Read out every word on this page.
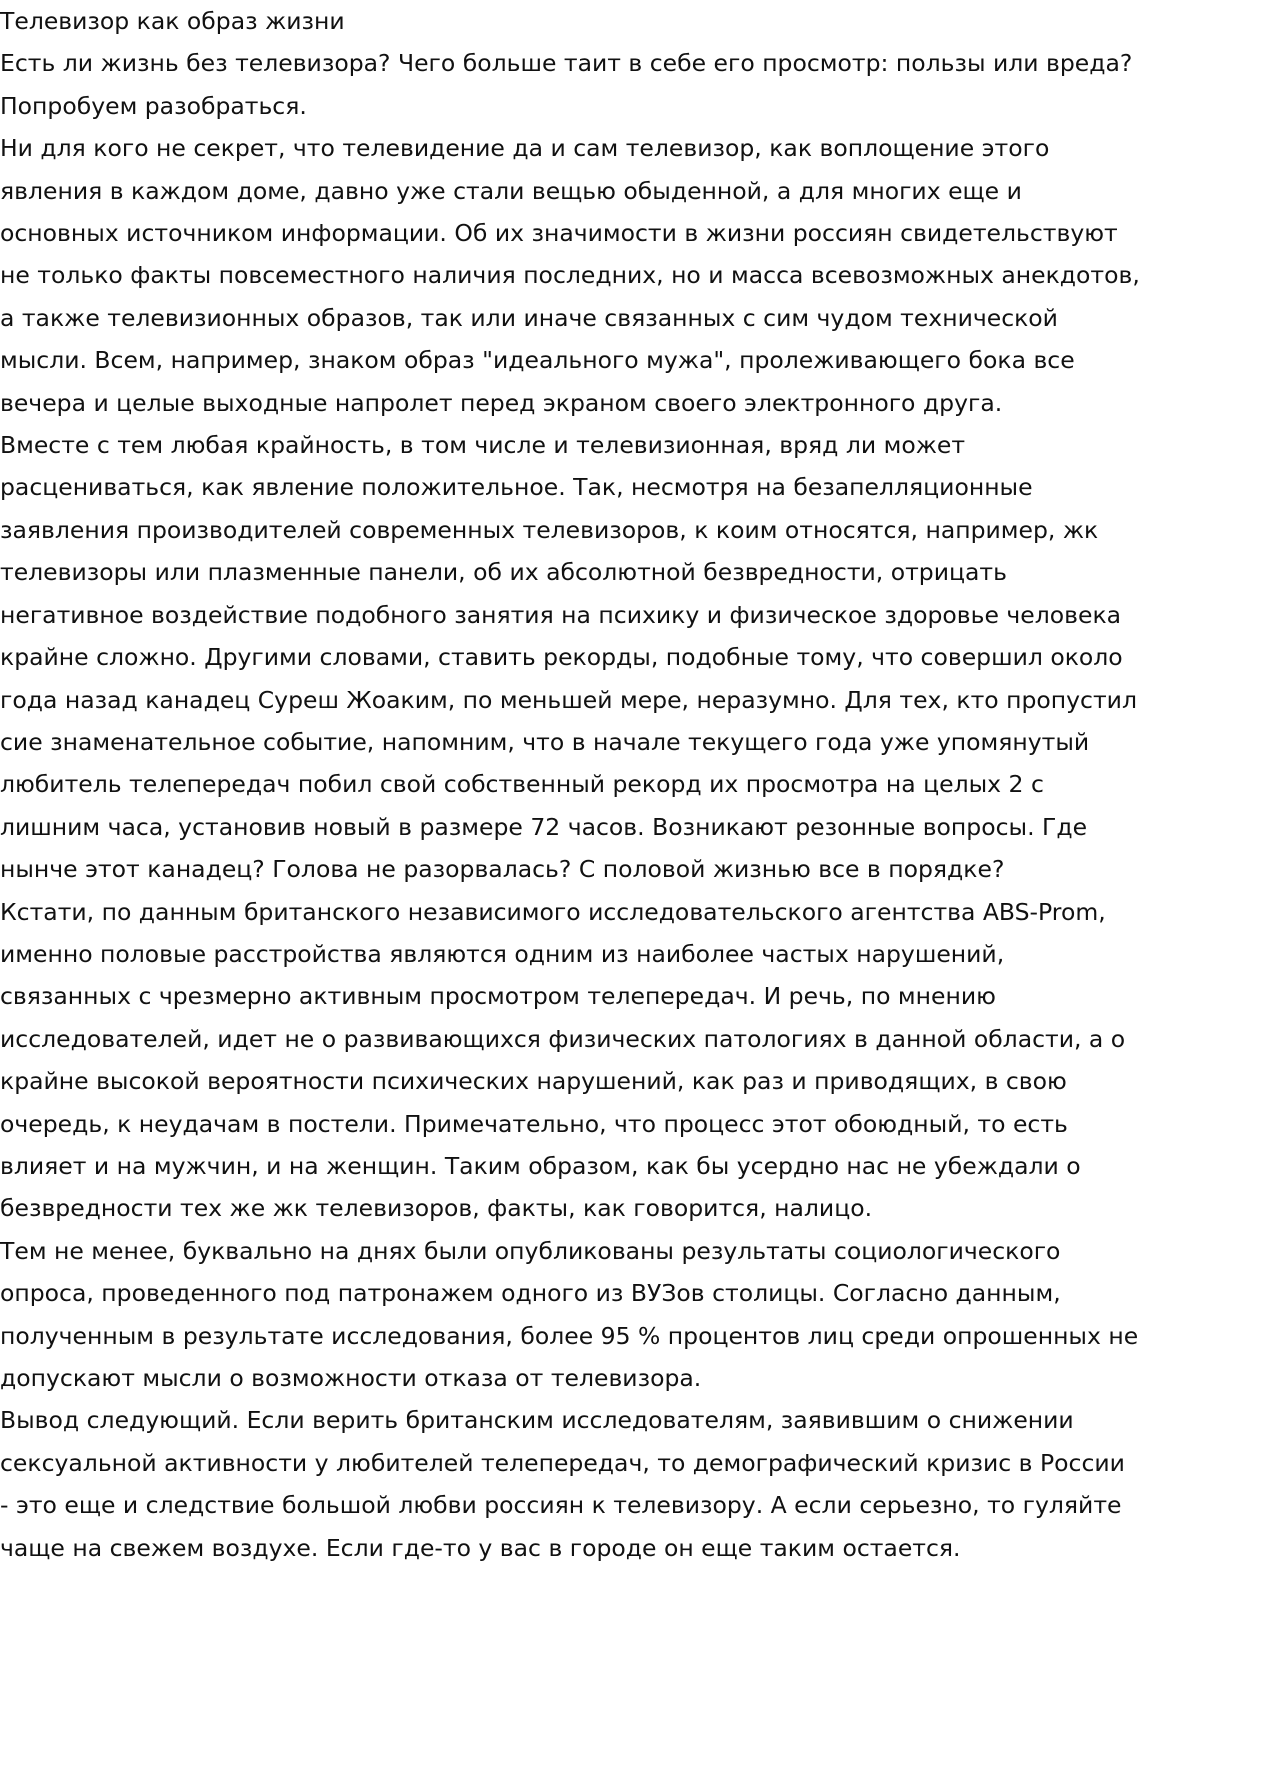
Телевизор как образ жизни

Есть ли жизнь без телевизора? Чего больше таит в себе его просмотр: пользы или вреда? Попробуем разобраться.

Ни для кого не секрет, что телевидение да и сам телевизор, как воплощение этого явления в каждом доме, давно уже стали вещью обыденной, а для многих еще и основных источником информации. Об их значимости в жизни россиян свидетельствуют не только факты повсеместного наличия последних, но и масса всевозможных анекдотов, а также телевизионных образов, так или иначе связанных с сим чудом технической мысли. Всем, например, знаком образ "идеального мужа", пролеживающего бока все вечера и целые выходные напролет перед экраном своего электронного друга.

Вместе с тем любая крайность, в том числе и телевизионная, вряд ли может расцениваться, как явление положительное. Так, несмотря на безапелляционные заявления производителей современных телевизоров, к коим относятся, например, жк телевизоры или плазменные панели, об их абсолютной безвредности, отрицать негативное воздействие подобного занятия на психику и физическое здоровье человека крайне сложно. Другими словами, ставить рекорды, подобные тому, что совершил около года назад канадец Суреш Жоаким, по меньшей мере, неразумно. Для тех, кто пропустил сие знаменательное событие, напомним, что в начале текущего года уже упомянутый любитель телепередач побил свой собственный рекорд их просмотра на целых 2 с лишним часа, установив новый в размере 72 часов. Возникают резонные вопросы. Где нынче этот канадец? Голова не разорвалась? С половой жизнью все в порядке?

Кстати, по данным британского независимого исследовательского агентства ABS-Prom, именно половые расстройства являются одним из наиболее частых нарушений, связанных с чрезмерно активным просмотром телепередач. И речь, по мнению исследователей, идет не о развивающихся физических патологиях в данной области, а о крайне высокой вероятности психических нарушений, как раз и приводящих, в свою очередь, к неудачам в постели. Примечательно, что процесс этот обоюдный, то есть влияет и на мужчин, и на женщин. Таким образом, как бы усердно нас не убеждали о безвредности тех же жк телевизоров, факты, как говорится, налицо.

Тем не менее, буквально на днях были опубликованы результаты социологического опроса, проведенного под патронажем одного из ВУЗов столицы. Согласно данным, полученным в результате исследования, более 95 % процентов лиц среди опрошенных не допускают мысли о возможности отказа от телевизора.

Вывод следующий. Если верить британским исследователям, заявившим о снижении сексуальной активности у любителей телепередач, то демографический кризис в России - это еще и следствие большой любви россиян к телевизору. А если серьезно, то гуляйте чаще на свежем воздухе. Если где-то у вас в городе он еще таким остается.
